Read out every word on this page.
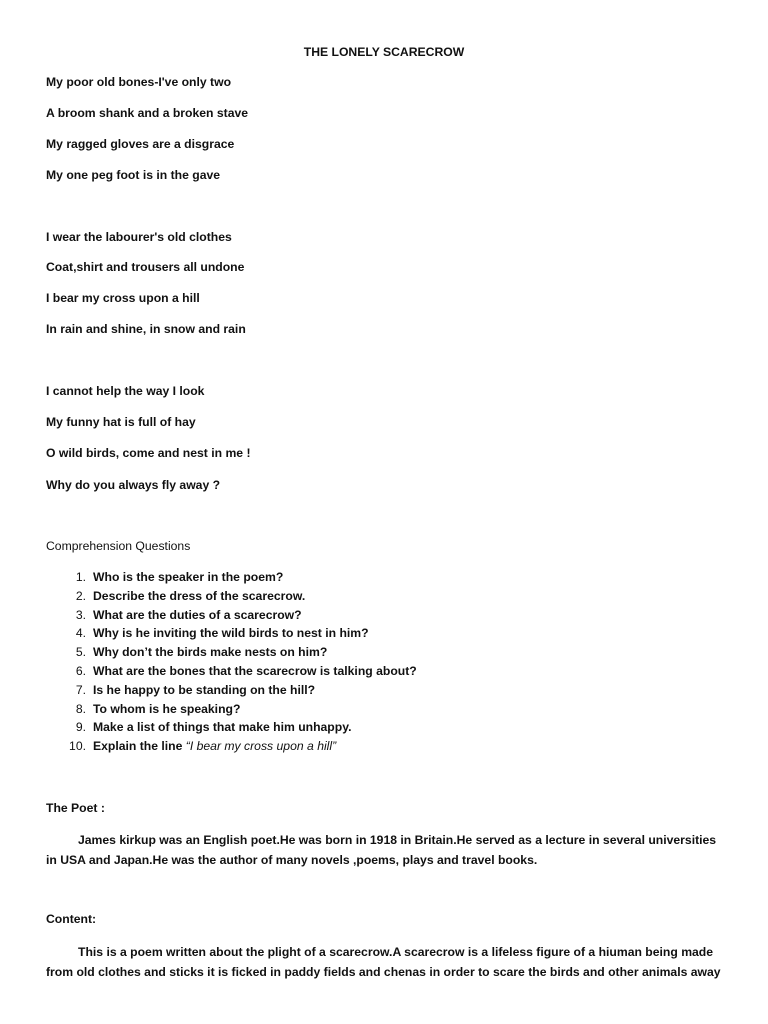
THE LONELY SCARECROW
My poor old bones-I've only two
A broom shank and a broken stave
My ragged gloves are a disgrace
My one peg foot is in the gave
I wear the labourer's old clothes
Coat,shirt and trousers all undone
I bear my cross upon a hill
In rain and shine, in snow and rain
I cannot help the way I look
My funny hat is full of hay
O wild birds, come and nest in me !
Why do you always fly away ?
Comprehension Questions
1. Who is the speaker in the poem?
2. Describe the dress of the scarecrow.
3. What are the duties of a scarecrow?
4. Why is he inviting the wild birds to nest in him?
5. Why don’t the birds make nests on him?
6. What are the bones that the scarecrow is talking about?
7. Is he happy to be standing on the hill?
8. To whom is he speaking?
9. Make a list of things that make him unhappy.
10. Explain the line “I bear my cross upon a hill”
The Poet :
James kirkup was an English poet.He was born in 1918 in Britain.He served as a lecture in several universities in USA and Japan.He was the author of many novels ,poems, plays and travel books.
Content:
This is a poem written about the plight of a scarecrow.A scarecrow is a lifeless figure of a hiuman being made from old clothes and sticks it is ficked in paddy fields and chenas in order to scare the birds and other animals away
